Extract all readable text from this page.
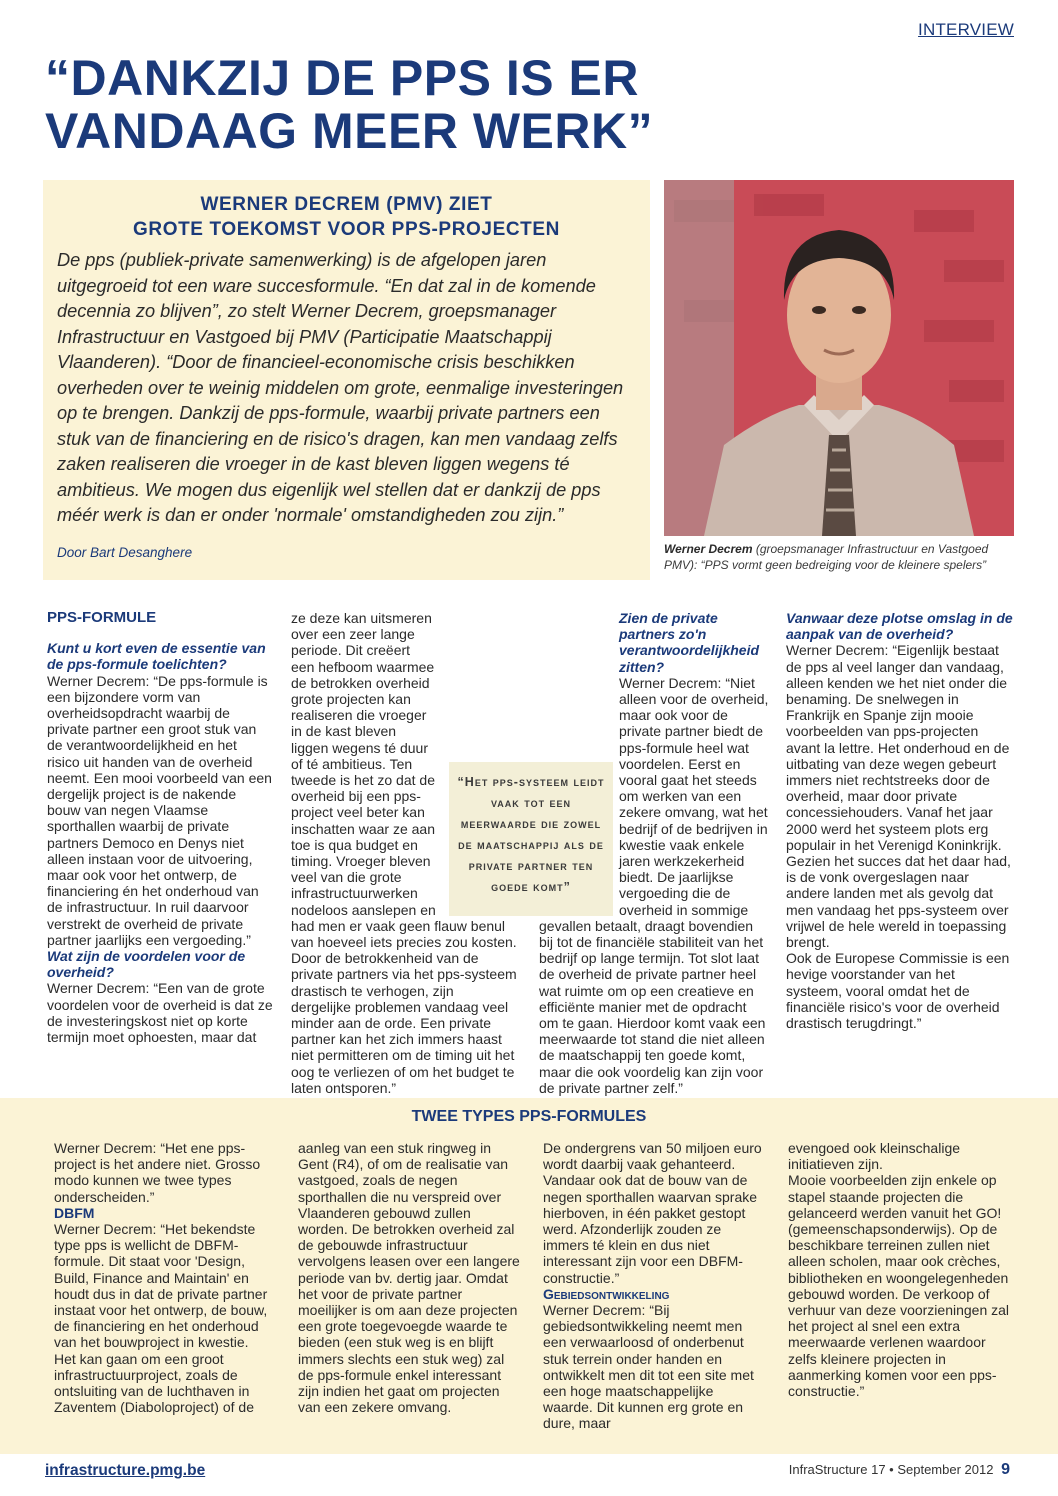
INTERVIEW
“DANKZIJ DE PPS IS ER
VANDAAG MEER WERK”
WERNER DECREM (PMV) ZIET
GROTE TOEKOMST VOOR PPS-PROJECTEN

De pps (publiek-private samenwerking) is de afgelopen jaren uitgegroeid tot een ware succesformule. “En dat zal in de komende decennia zo blijven”, zo stelt Werner Decrem, groepsmanager Infrastructuur en Vastgoed bij PMV (Participatie Maatschappij Vlaanderen). “Door de financieel-economische crisis beschikken overheden over te weinig middelen om grote, eenmalige investeringen op te brengen. Dankzij de pps-formule, waarbij private partners een stuk van de financiering en de risico's dragen, kan men vandaag zelfs zaken realiseren die vroeger in de kast bleven liggen wegens té ambitieus. We mogen dus eigenlijk wel stellen dat er dankzij de pps méér werk is dan er onder 'normale' omstandigheden zou zijn.”

Door Bart Desanghere	Werner Decrem (groepsmanager Infrastructuur en Vastgoed PMV): “PPS vormt geen bedreiging voor de kleinere spelers”

PPS-FORMULE

Kunt u kort even de essentie van de pps-formule toelichten?

Werner Decrem: “De pps-formule is een bijzondere vorm van overheidsopdracht waarbij de private partner een groot stuk van de verantwoordelijkheid en het risico uit handen van de overheid neemt. Een mooi voorbeeld van een dergelijk project is de nakende bouw van negen Vlaamse sporthallen waarbij de private partners Democo en Denys niet alleen instaan voor de uitvoering, maar ook voor het ontwerp, de financiering én het onderhoud van de infrastructuur. In ruil daarvoor verstrekt de overheid de private partner jaarlijks een vergoeding.”

Wat zijn de voordelen voor de overheid?

Werner Decrem: “Een van de grote voordelen voor de overheid is dat ze de investeringskost niet op korte termijn moet ophoesten, maar dat

ze deze kan uitsmeren over een zeer lange periode. Dit creëert een hefboom waarmee de betrokken overheid grote projecten kan realiseren die vroeger in de kast bleven liggen wegens té duur of té ambitieus. Ten tweede is het zo dat de overheid bij een pps-project veel beter kan inschatten waar ze aan toe is qua budget en timing. Vroeger bleven veel van die grote infrastructuurwerken nodeloos aanslepen en had men er vaak geen flauw benul van hoeveel iets precies zou kosten. Door de betrokkenheid van de private partners via het pps-systeem drastisch te verhogen, zijn dergelijke problemen vandaag veel minder aan de orde. Een private partner kan het zich immers haast niet permitteren om de timing uit het oog te verliezen of om het budget te laten ontsporen.”

Zien de private partners zo'n verantwoordelijkheid zitten?

Werner Decrem: “Niet alleen voor de overheid, maar ook voor de private partner biedt de pps-formule heel wat voordelen. Eerst en vooral gaat het steeds om werken van een zekere omvang, wat het bedrijf of de bedrijven in kwestie vaak enkele jaren werkzekerheid biedt. De jaarlijkse vergoeding die de overheid in sommige gevallen betaalt, draagt bovendien bij tot de financiële stabiliteit van het bedrijf op lange termijn. Tot slot laat de overheid de private partner heel wat ruimte om op een creatieve en efficiënte manier met de opdracht om te gaan. Hierdoor komt vaak een meerwaarde tot stand die niet alleen de maatschappij ten goede komt, maar die ook voordelig kan zijn voor de private partner zelf.”

“Het pps-systeem leidt vaak tot een meerwaarde die zowel de maatschappij als de private partner ten goede komt”

Vanwaar deze plotse omslag in de aanpak van de overheid?

Werner Decrem: “Eigenlijk bestaat de pps al veel langer dan vandaag, alleen kenden we het niet onder die benaming. De snelwegen in Frankrijk en Spanje zijn mooie voorbeelden van pps-projecten avant la lettre. Het onderhoud en de uitbating van deze wegen gebeurt immers niet rechtstreeks door de overheid, maar door private concessiehouders. Vanaf het jaar 2000 werd het systeem plots erg populair in het Verenigd Koninkrijk.

Gezien het succes dat het daar had, is de vonk overgeslagen naar andere landen met als gevolg dat men vandaag het pps-systeem over vrijwel de hele wereld in toepassing brengt.

Ook de Europese Commissie is een hevige voorstander van het systeem, vooral omdat het de financiële risico's voor de overheid drastisch terugdringt.”

TWEE TYPES PPS-FORMULES

Werner Decrem: “Het ene pps-project is het andere niet. Grosso modo kunnen we twee types onderscheiden.”

DBFM

Werner Decrem: “Het bekendste type pps is wellicht de DBFM-formule. Dit staat voor 'Design, Build, Finance and Maintain' en houdt dus in dat de private partner instaat voor het ontwerp, de bouw, de financiering en het onderhoud van het bouwproject in kwestie. Het kan gaan om een groot infrastructuurproject, zoals de ontsluiting van de luchthaven in Zaventem (Diaboloproject) of de

aanleg van een stuk ringweg in Gent (R4), of om de realisatie van vastgoed, zoals de negen sporthallen die nu verspreid over Vlaanderen gebouwd zullen worden. De betrokken overheid zal de gebouwde infrastructuur vervolgens leasen over een langere periode van bv. dertig jaar. Omdat het voor de private partner moeilijker is om aan deze projecten een grote toegevoegde waarde te bieden (een stuk weg is en blijft immers slechts een stuk weg) zal de pps-formule enkel interessant zijn indien het gaat om projecten van een zekere omvang.

De ondergrens van 50 miljoen euro wordt daarbij vaak gehanteerd. Vandaar ook dat de bouw van de negen sporthallen waarvan sprake hierboven, in één pakket gestopt werd. Afzonderlijk zouden ze immers té klein en dus niet interessant zijn voor een DBFM-constructie.”

Gebiedsontwikkeling

Werner Decrem: “Bij gebiedsontwikkeling neemt men een verwaarloosd of onderbenut stuk terrein onder handen en ontwikkelt men dit tot een site met een hoge maatschappelijke waarde. Dit kunnen erg grote en dure, maar

evengoed ook kleinschalige initiatieven zijn.

Mooie voorbeelden zijn enkele op stapel staande projecten die gelanceerd werden vanuit het GO! (gemeenschapsonderwijs). Op de beschikbare terreinen zullen niet alleen scholen, maar ook crèches, bibliotheken en woongelegenheden gebouwd worden. De verkoop of verhuur van deze voorzieningen zal het project al snel een extra meerwaarde verlenen waardoor zelfs kleinere projecten in aanmerking komen voor een pps-constructie.”

infrastructure.pmg.be	InfraStructure 17 • September 2012 9
